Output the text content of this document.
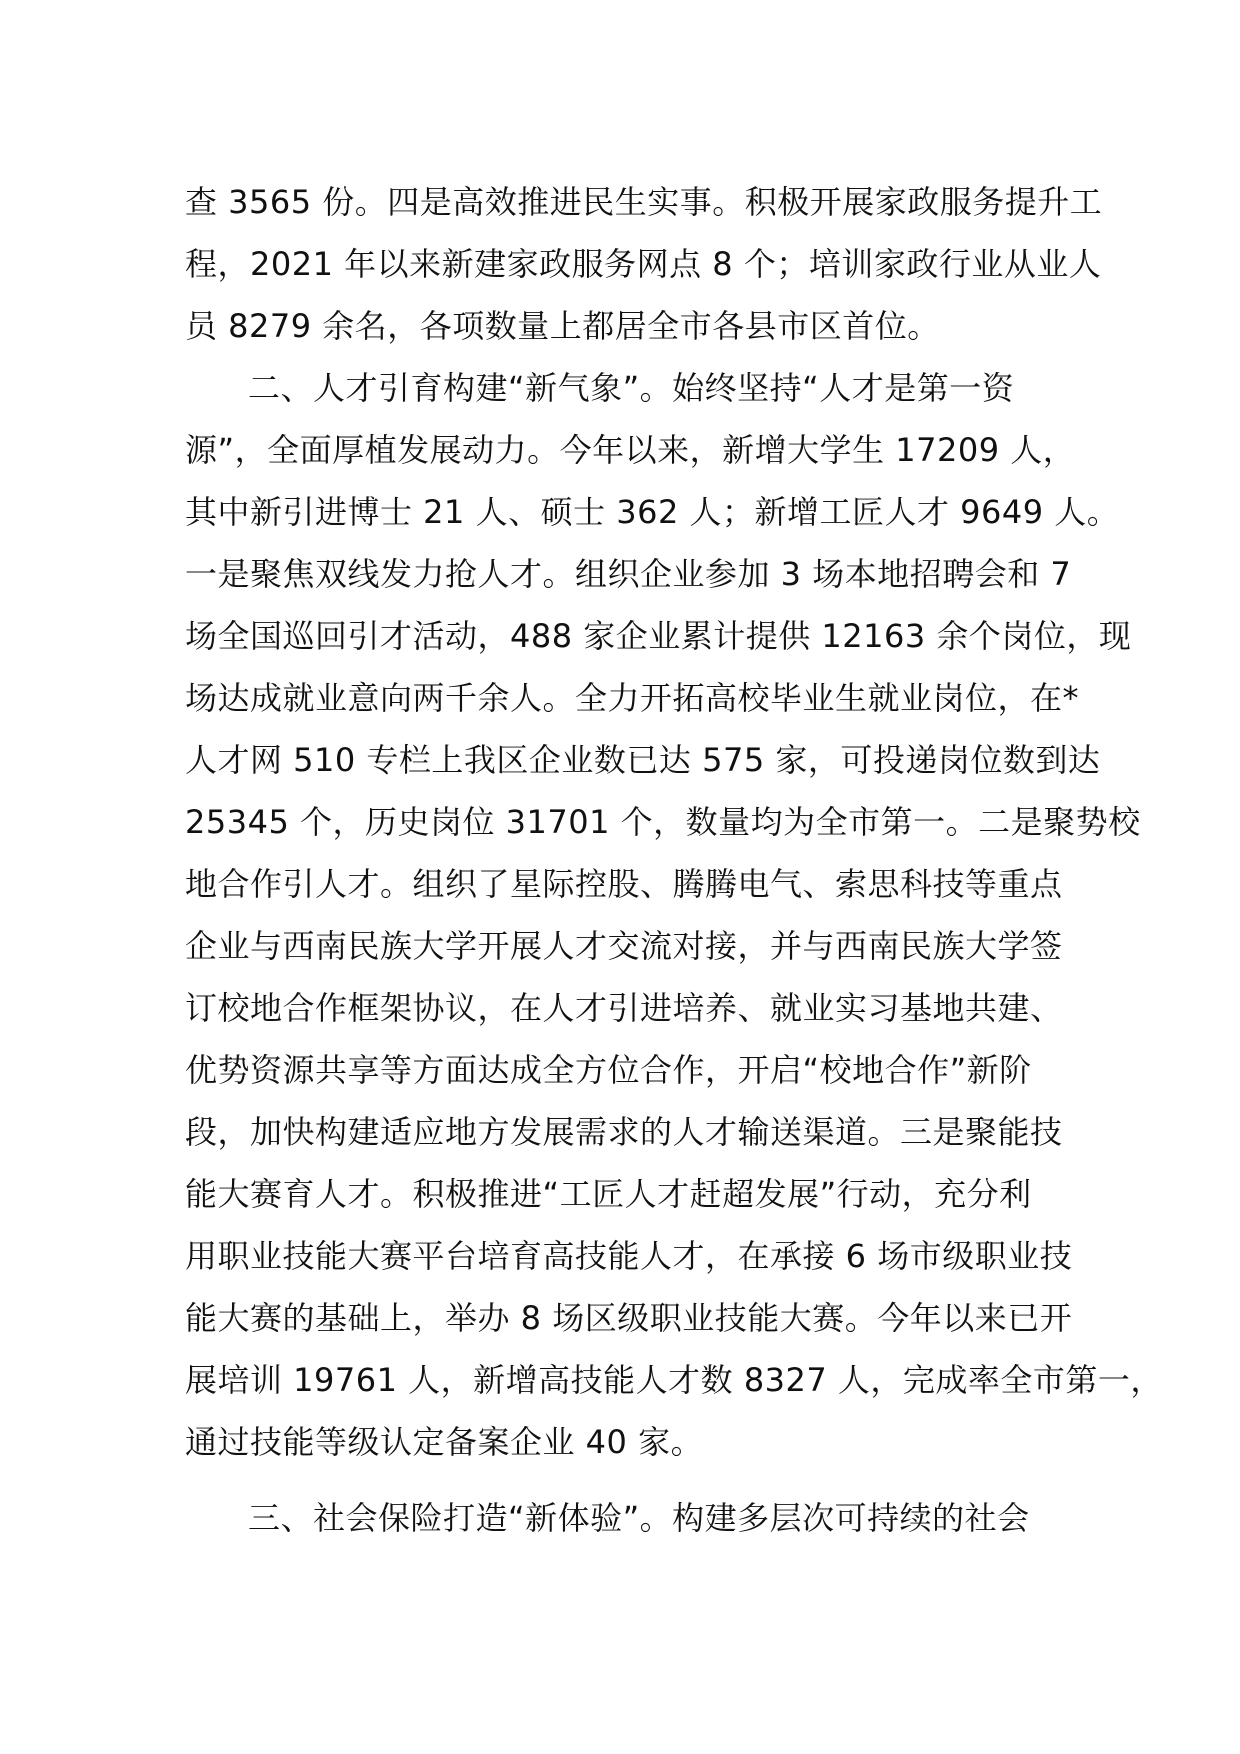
查 3565 份。四是高效推进民生实事。积极开展家政服务提升工

程，2021 年以来新建家政服务网点 8 个；培训家政行业从业人

员 8279 余名，各项数量上都居全市各县市区首位。

二、人才引育构建“新气象”。始终坚持“人才是第一资

源”，全面厚植发展动力。今年以来，新增大学生 17209 人，

其中新引进博士 21 人、硕士 362 人；新增工匠人才 9649 人。

一是聚焦双线发力抢人才。组织企业参加 3 场本地招聘会和 7

场全国巡回引才活动，488 家企业累计提供 12163 余个岗位，现

场达成就业意向两千余人。全力开拓高校毕业生就业岗位，在*

人才网 510 专栏上我区企业数已达 575 家，可投递岗位数到达

25345 个，历史岗位 31701 个，数量均为全市第一。二是聚势校

地合作引人才。组织了星际控股、腾腾电气、索思科技等重点

企业与西南民族大学开展人才交流对接，并与西南民族大学签

订校地合作框架协议，在人才引进培养、就业实习基地共建、

优势资源共享等方面达成全方位合作，开启“校地合作”新阶

段，加快构建适应地方发展需求的人才输送渠道。三是聚能技

能大赛育人才。积极推进“工匠人才赶超发展”行动，充分利

用职业技能大赛平台培育高技能人才，在承接 6 场市级职业技

能大赛的基础上，举办 8 场区级职业技能大赛。今年以来已开

展培训 19761 人，新增高技能人才数 8327 人，完成率全市第一，

通过技能等级认定备案企业 40 家。

三、社会保险打造“新体验”。构建多层次可持续的社会
